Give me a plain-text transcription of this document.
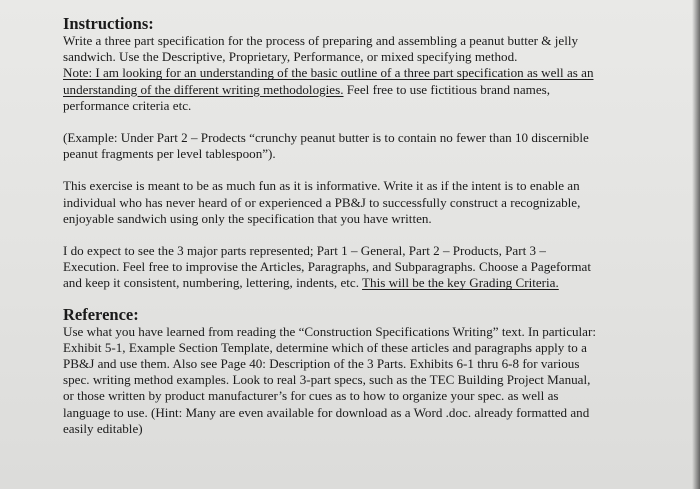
Instructions:

Write a three part specification for the process of preparing and assembling a peanut butter & jelly
sandwich. Use the Descriptive, Proprietary, Performance, or mixed specifying method.
Note: I am looking for an understanding of the basic outline of a three part specification as well as an
understanding of the different writing methodologies. Feel free to use fictitious brand names,
performance criteria etc.

(Example: Under Part 2 – Prodects “crunchy peanut butter is to contain no fewer than 10 discernible
peanut fragments per level tablespoon”).

This exercise is meant to be as much fun as it is informative. Write it as if the intent is to enable an
individual who has never heard of or experienced a PB&J to successfully construct a recognizable,
enjoyable sandwich using only the specification that you have written.

I do expect to see the 3 major parts represented; Part 1 – General, Part 2 – Products, Part 3 –
Execution. Feel free to improvise the Articles, Paragraphs, and Subparagraphs. Choose a Pageformat
and keep it consistent, numbering, lettering, indents, etc. This will be the key Grading Criteria.

Reference:

Use what you have learned from reading the “Construction Specifications Writing” text. In particular:
Exhibit 5-1, Example Section Template, determine which of these articles and paragraphs apply to a
PB&J and use them. Also see Page 40: Description of the 3 Parts. Exhibits 6-1 thru 6-8 for various
spec. writing method examples. Look to real 3-part specs, such as the TEC Building Project Manual,
or those written by product manufacturer’s for cues as to how to organize your spec. as well as
language to use. (Hint: Many are even available for download as a Word .doc. already formatted and
easily editable)
